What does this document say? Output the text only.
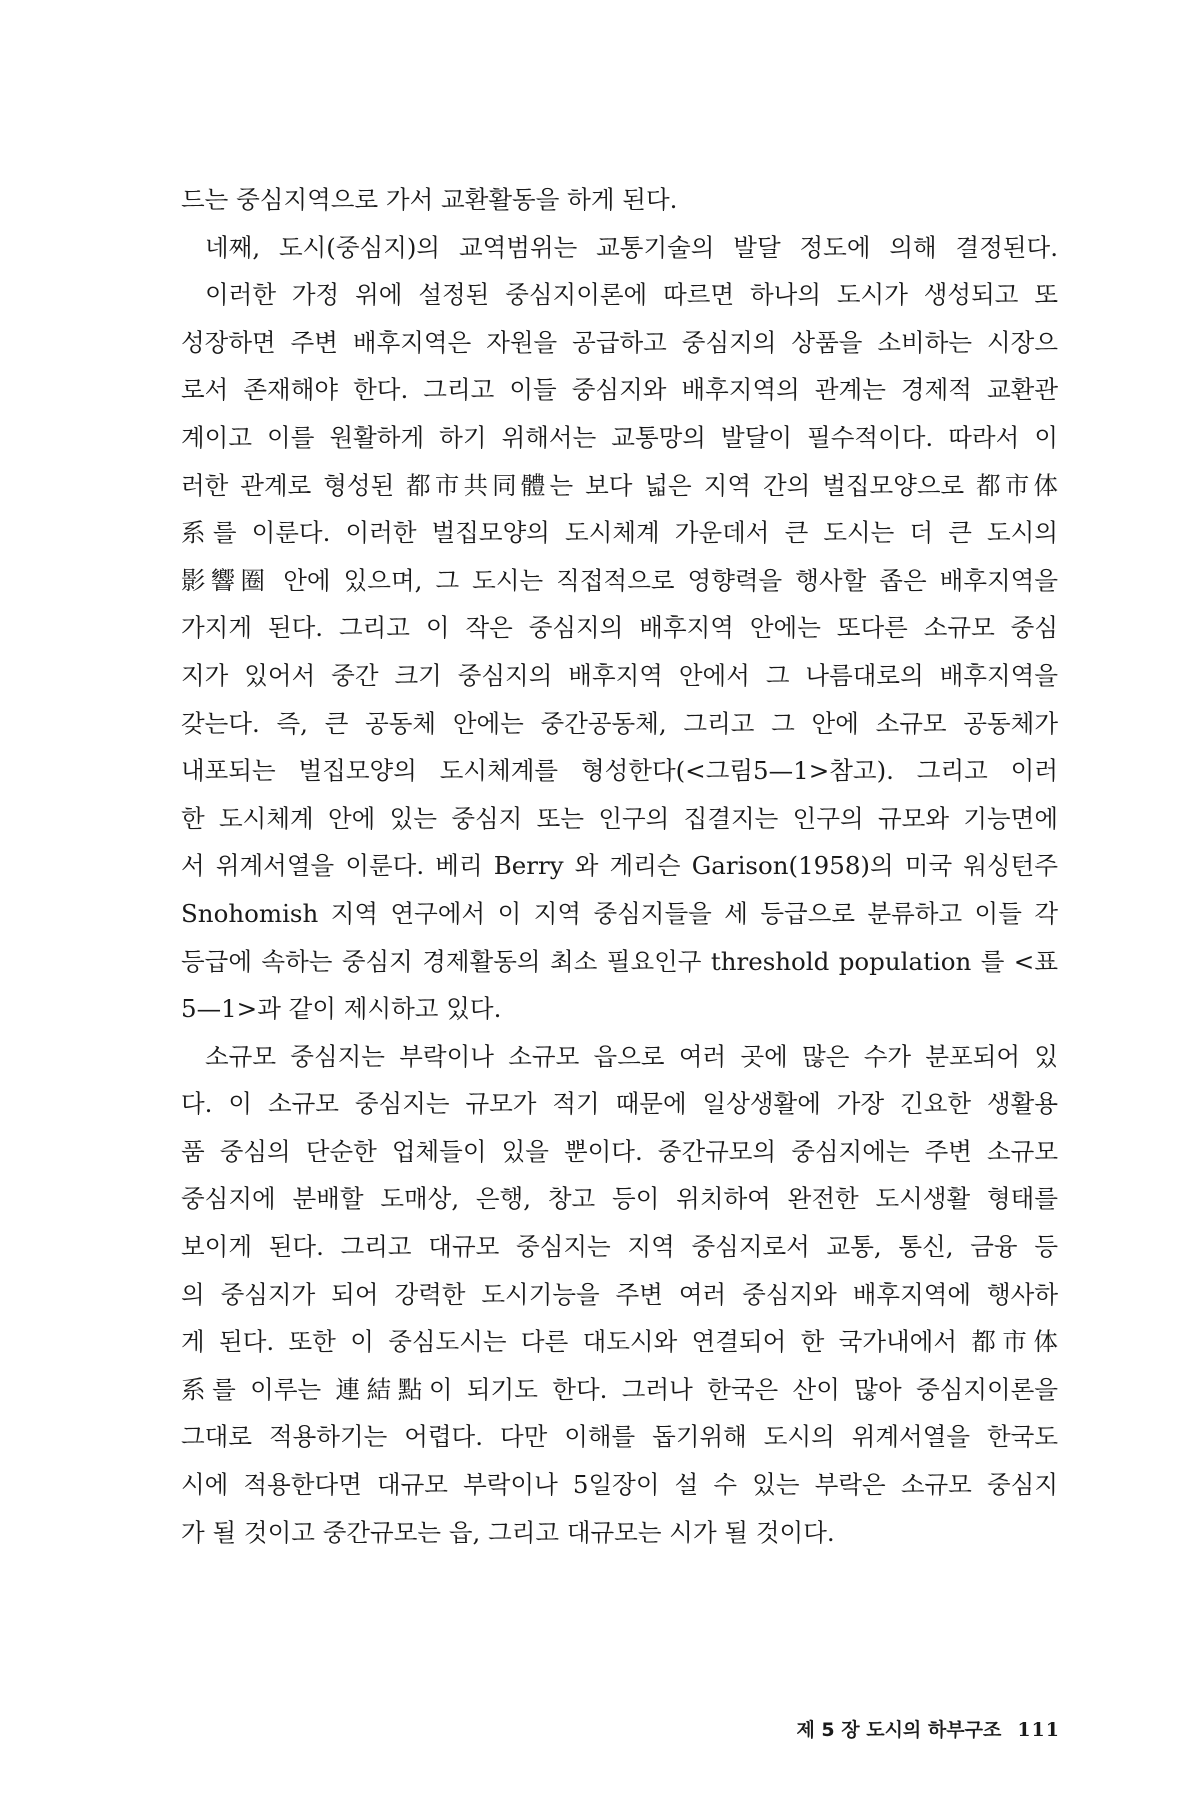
드는 중심지역으로 가서 교환활동을 하게 된다.
네째, 도시(중심지)의 교역범위는 교통기술의 발달 정도에 의해 결정된다.
이러한 가정 위에 설정된 중심지이론에 따르면 하나의 도시가 생성되고 또
성장하면 주변 배후지역은 자원을 공급하고 중심지의 상품을 소비하는 시장으
로서 존재해야 한다. 그리고 이들 중심지와 배후지역의 관계는 경제적 교환관
계이고 이를 원활하게 하기 위해서는 교통망의 발달이 필수적이다. 따라서 이
러한 관계로 형성된 都市共同體는 보다 넓은 지역 간의 벌집모양으로 都市体
系를 이룬다. 이러한 벌집모양의 도시체계 가운데서 큰 도시는 더 큰 도시의
影響圈 안에 있으며, 그 도시는 직접적으로 영향력을 행사할 좁은 배후지역을
가지게 된다. 그리고 이 작은 중심지의 배후지역 안에는 또다른 소규모 중심
지가 있어서 중간 크기 중심지의 배후지역 안에서 그 나름대로의 배후지역을
갖는다. 즉, 큰 공동체 안에는 중간공동체, 그리고 그 안에 소규모 공동체가
내포되는 벌집모양의 도시체계를 형성한다(<그림5—1>참고). 그리고 이러
한 도시체계 안에 있는 중심지 또는 인구의 집결지는 인구의 규모와 기능면에
서 위계서열을 이룬다. 베리 Berry 와 게리슨 Garison(1958)의 미국 워싱턴주
Snohomish 지역 연구에서 이 지역 중심지들을 세 등급으로 분류하고 이들 각
등급에 속하는 중심지 경제활동의 최소 필요인구 threshold population 를 <표
5—1>과 같이 제시하고 있다.
소규모 중심지는 부락이나 소규모 읍으로 여러 곳에 많은 수가 분포되어 있
다. 이 소규모 중심지는 규모가 적기 때문에 일상생활에 가장 긴요한 생활용
품 중심의 단순한 업체들이 있을 뿐이다. 중간규모의 중심지에는 주변 소규모
중심지에 분배할 도매상, 은행, 창고 등이 위치하여 완전한 도시생활 형태를
보이게 된다. 그리고 대규모 중심지는 지역 중심지로서 교통, 통신, 금융 등
의 중심지가 되어 강력한 도시기능을 주변 여러 중심지와 배후지역에 행사하
게 된다. 또한 이 중심도시는 다른 대도시와 연결되어 한 국가내에서 都市体
系를 이루는 連結點이 되기도 한다. 그러나 한국은 산이 많아 중심지이론을
그대로 적용하기는 어렵다. 다만 이해를 돕기위해 도시의 위계서열을 한국도
시에 적용한다면 대규모 부락이나 5일장이 설 수 있는 부락은 소규모 중심지
가 될 것이고 중간규모는 읍, 그리고 대규모는 시가 될 것이다.
제 5 장 도시의 하부구조 111
